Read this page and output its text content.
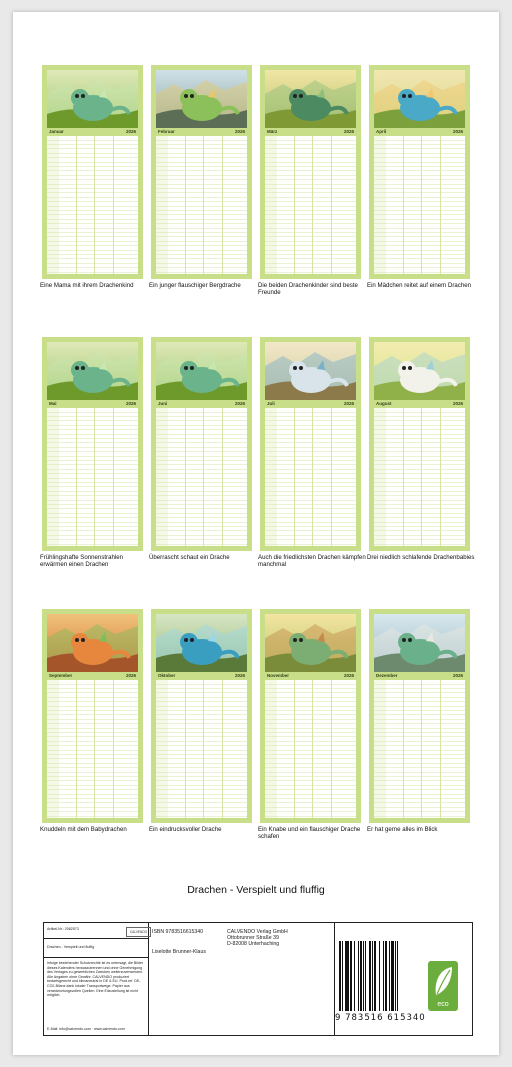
Januar	2026
Eine Mama mit ihrem Drachenkind
Februar	2026
Ein junger flauschiger Bergdrache
März	2026
Die beiden Drachenkinder sind beste Freunde
April	2026
Ein Mädchen reitet auf einem Drachen
Mai	2026
Frühlingshafte Sonnenstrahlen erwärmen einen Drachen
Juni	2026
Überrascht schaut ein Drache
Juli	2026
Auch die friedlichsten Drachen kämpfen manchmal
August	2026
Drei niedlich schlafende Drachenbabies
September	2026
Knuddeln mit dem Babydrachen
Oktober	2026
Ein eindrucksvoller Drache
November	2026
Ein Knabe und ein flauschiger Drache schafen
Dezember	2026
Er hat gerne alles im Blick
Drachen - Verspielt und fluffig
Artikel-Nr.: 2082573
CALVENDO
Drachen - Verspielt und fluffig
Infolge bestehender Schutzrechte ist es untersagt, die Bilder dieses Kalenders herauszutrennen und ohne Genehmigung des Verlages zu gewerblichen Zwecken weiterzuverwenden. Alle Angaben ohne Gewähr. CALVENDO produziert bedarfsgerecht und klimaneutral in DE & EU. Prod.ref. DE-CO2-Bilanz dank lokaler Transportwege. Papier aus verantwortungsvollen Quellen. Eine Eilzustellung ist nicht möglich.
E-Mail: info@calvendo.com · www.calvendo.com
ISBN 9783516615340
Liselotte Brunner-Klaus
CALVENDO Verlag GmbH
Ottobrunner Straße 39
D-82008 Unterhaching
9 783516 615340
eco
